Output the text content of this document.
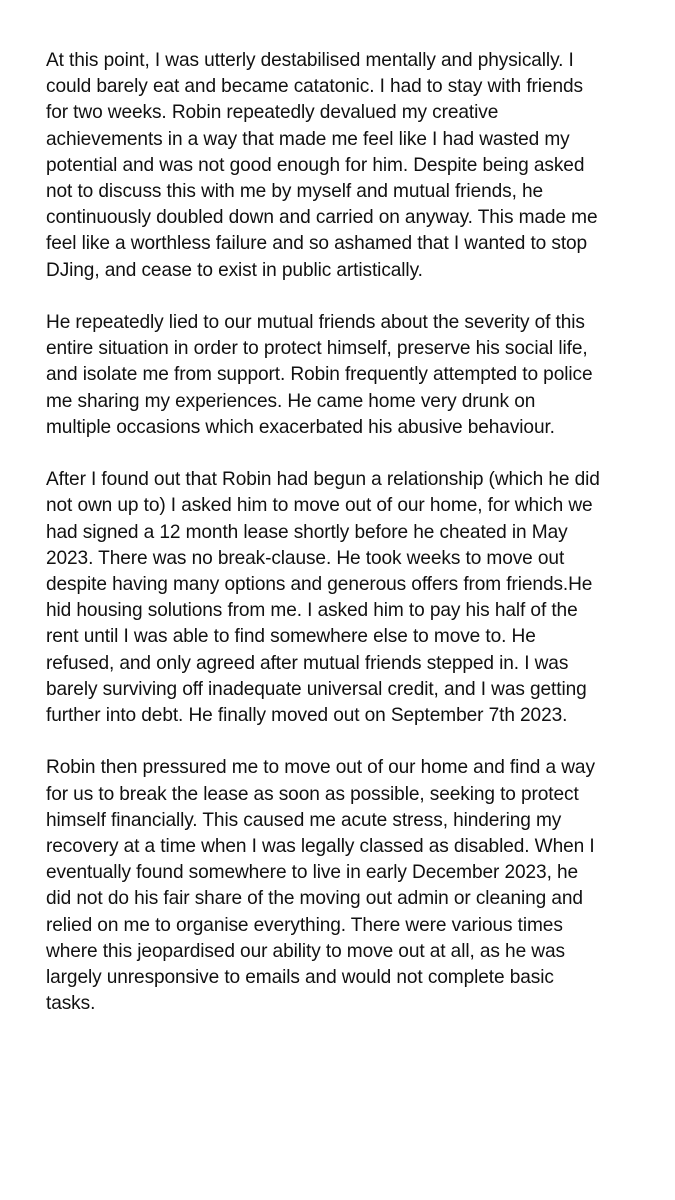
At this point, I was utterly destabilised mentally and physically. I
could barely eat and became catatonic. I had to stay with friends
for two weeks. Robin repeatedly devalued my creative
achievements in a way that made me feel like I had wasted my
potential and was not good enough for him. Despite being asked
not to discuss this with me by myself and mutual friends, he
continuously doubled down and carried on anyway. This made me
feel like a worthless failure and so ashamed that I wanted to stop
DJing, and cease to exist in public artistically.

He repeatedly lied to our mutual friends about the severity of this
entire situation in order to protect himself, preserve his social life,
and isolate me from support. Robin frequently attempted to police
me sharing my experiences. He came home very drunk on
multiple occasions which exacerbated his abusive behaviour.

After I found out that Robin had begun a relationship (which he did
not own up to) I asked him to move out of our home, for which we
had signed a 12 month lease shortly before he cheated in May
2023. There was no break-clause. He took weeks to move out
despite having many options and generous offers from friends.He
hid housing solutions from me. I asked him to pay his half of the
rent until I was able to find somewhere else to move to. He
refused, and only agreed after mutual friends stepped in. I was
barely surviving off inadequate universal credit, and I was getting
further into debt. He finally moved out on September 7th 2023.

Robin then pressured me to move out of our home and find a way
for us to break the lease as soon as possible, seeking to protect
himself financially. This caused me acute stress, hindering my
recovery at a time when I was legally classed as disabled. When I
eventually found somewhere to live in early December 2023, he
did not do his fair share of the moving out admin or cleaning and
relied on me to organise everything. There were various times
where this jeopardised our ability to move out at all, as he was
largely unresponsive to emails and would not complete basic
tasks.
